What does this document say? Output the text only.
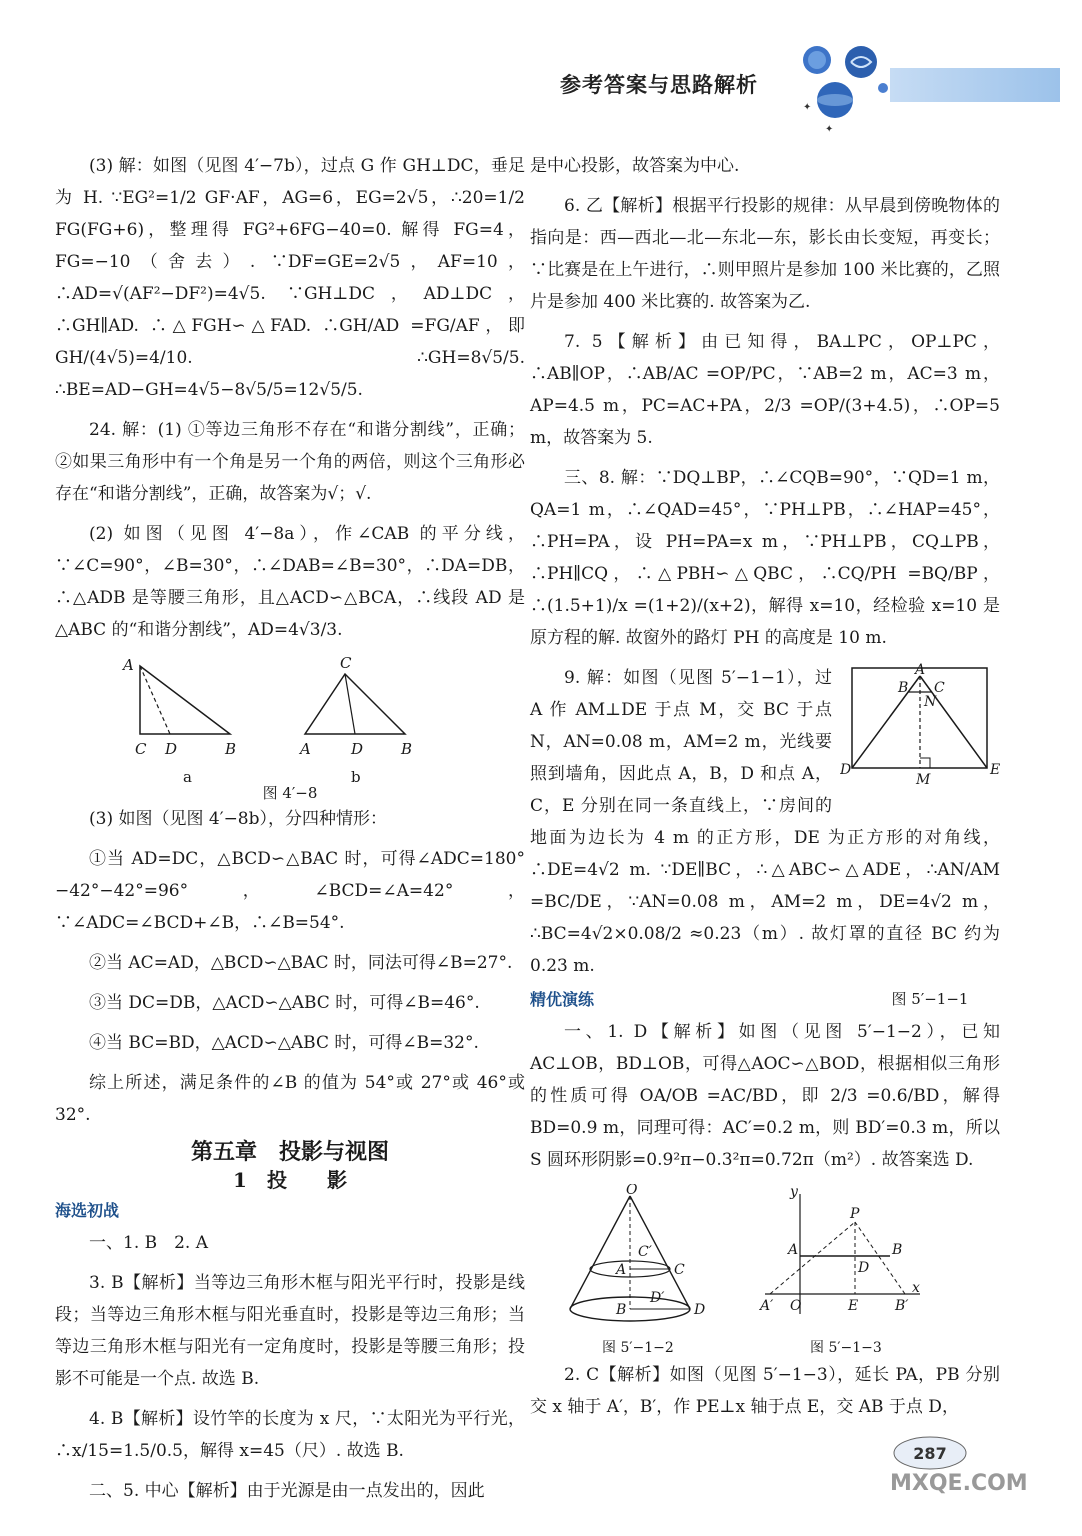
参考答案与思路解析
✦
✦

(3) 解：如图（见图 4′−7b），过点 G 作 GH⊥DC，垂足为 H. ∵EG²=1/2 GF·AF，AG=6，EG=2√5，∴20=1/2 FG(FG+6)，整理得 FG²+6FG−40=0. 解得 FG=4，FG=−10（舍去）. ∵DF=GE=2√5，AF=10，∴AD=√(AF²−DF²)=4√5. ∵GH⊥DC，AD⊥DC，∴GH∥AD. ∴△FGH∽△FAD. ∴GH/AD =FG/AF，即 GH/(4√5)=4/10. ∴GH=8√5/5. ∴BE=AD−GH=4√5−8√5/5=12√5/5.

24. 解：(1) ①等边三角形不存在“和谐分割线”，正确；②如果三角形中有一个角是另一个角的两倍，则这个三角形必存在“和谐分割线”，正确，故答案为√；√.

(2) 如图（见图 4′−8a），作∠CAB 的平分线，∵∠C=90°，∠B=30°，∴∠DAB=∠B=30°，∴DA=DB，∴△ADB 是等腰三角形，且△ACD∽△BCA，∴线段 AD 是△ABC 的“和谐分割线”，AD=4√3/3.

A
C D	B
a
C
A	D	B
b
图 4′−8

(3) 如图（见图 4′−8b），分四种情形：

①当 AD=DC，△BCD∽△BAC 时，可得∠ADC=180°−42°−42°=96°，∠BCD=∠A=42°，∵∠ADC=∠BCD+∠B，∴∠B=54°.

②当 AC=AD，△BCD∽△BAC 时，同法可得∠B=27°.

③当 DC=DB，△ACD∽△ABC 时，可得∠B=46°.

④当 BC=BD，△ACD∽△ABC 时，可得∠B=32°.

综上所述，满足条件的∠B 的值为 54°或 27°或 46°或 32°.

第五章　投影与视图
1　投　　影
海选初战

一、1. B　2. A

3. B【解析】当等边三角形木框与阳光平行时，投影是线段；当等边三角形木框与阳光垂直时，投影是等边三角形；当等边三角形木框与阳光有一定角度时，投影是等腰三角形；投影不可能是一个点. 故选 B.

4. B【解析】设竹竿的长度为 x 尺，∵太阳光为平行光，∴x/15=1.5/0.5，解得 x=45（尺）. 故选 B.

二、5. 中心【解析】由于光源是由一点发出的，因此

是中心投影，故答案为中心.

6. 乙【解析】根据平行投影的规律：从早晨到傍晚物体的指向是：西—西北—北—东北—东，影长由长变短，再变长；∵比赛是在上午进行，∴则甲照片是参加 100 米比赛的，乙照片是参加 400 米比赛的. 故答案为乙.

7. 5【解析】由已知得，BA⊥PC，OP⊥PC，∴AB∥OP，∴AB/AC =OP/PC，∵AB=2 m，AC=3 m，AP=4.5 m，PC=AC+PA，2/3 =OP/(3+4.5)，∴OP=5 m，故答案为 5.

三、8. 解：∵DQ⊥BP，∴∠CQB=90°，∵QD=1 m，QA=1 m，∴∠QAD=45°，∵PH⊥PB，∴∠HAP=45°，∴PH=PA，设 PH=PA=x m，∵PH⊥PB，CQ⊥PB，∴PH∥CQ，∴△PBH∽△QBC，∴CQ/PH =BQ/BP，∴(1.5+1)/x =(1+2)/(x+2)，解得 x=10，经检验 x=10 是原方程的解. 故窗外的路灯 PH 的高度是 10 m.

A
B C
N
D
M
E

9. 解：如图（见图 5′−1−1），过 A 作 AM⊥DE 于点 M，交 BC 于点 N，AN=0.08 m，AM=2 m，光线要照到墙角，因此点 A，B，D 和点 A，C，E 分别在同一条直线上，∵房间的地面为边长为 4 m 的正方形，DE 为正方形的对角线，∴DE=4√2 m. ∵DE∥BC，∴△ABC∽△ADE，∴AN/AM =BC/DE，∵AN=0.08 m，AM=2 m，DE=4√2 m，∴BC=4√2×0.08/2 ≈0.23（m）. 故灯罩的直径 BC 约为 0.23 m.

图 5′−1−1
精优演练

一、1. D【解析】如图（见图 5′−1−2），已知 AC⊥OB，BD⊥OB，可得△AOC∽△BOD，根据相似三角形的性质可得 OA/OB =AC/BD，即 2/3 =0.6/BD，解得 BD=0.9 m，同理可得：AC′=0.2 m，则 BD′=0.3 m，所以 S 圆环形阴影=0.9²π−0.3²π=0.72π（m²）. 故答案选 D.

O
C′
A	C
B
D′
D
图 5′−1−2
y
P
A	B
D
A′ O	E	B′
x
图 5′−1−3

2. C【解析】如图（见图 5′−1−3），延长 PA，PB 分别交 x 轴于 A′，B′，作 PE⊥x 轴于点 E，交 AB 于点 D，

287
MXQE.COM
